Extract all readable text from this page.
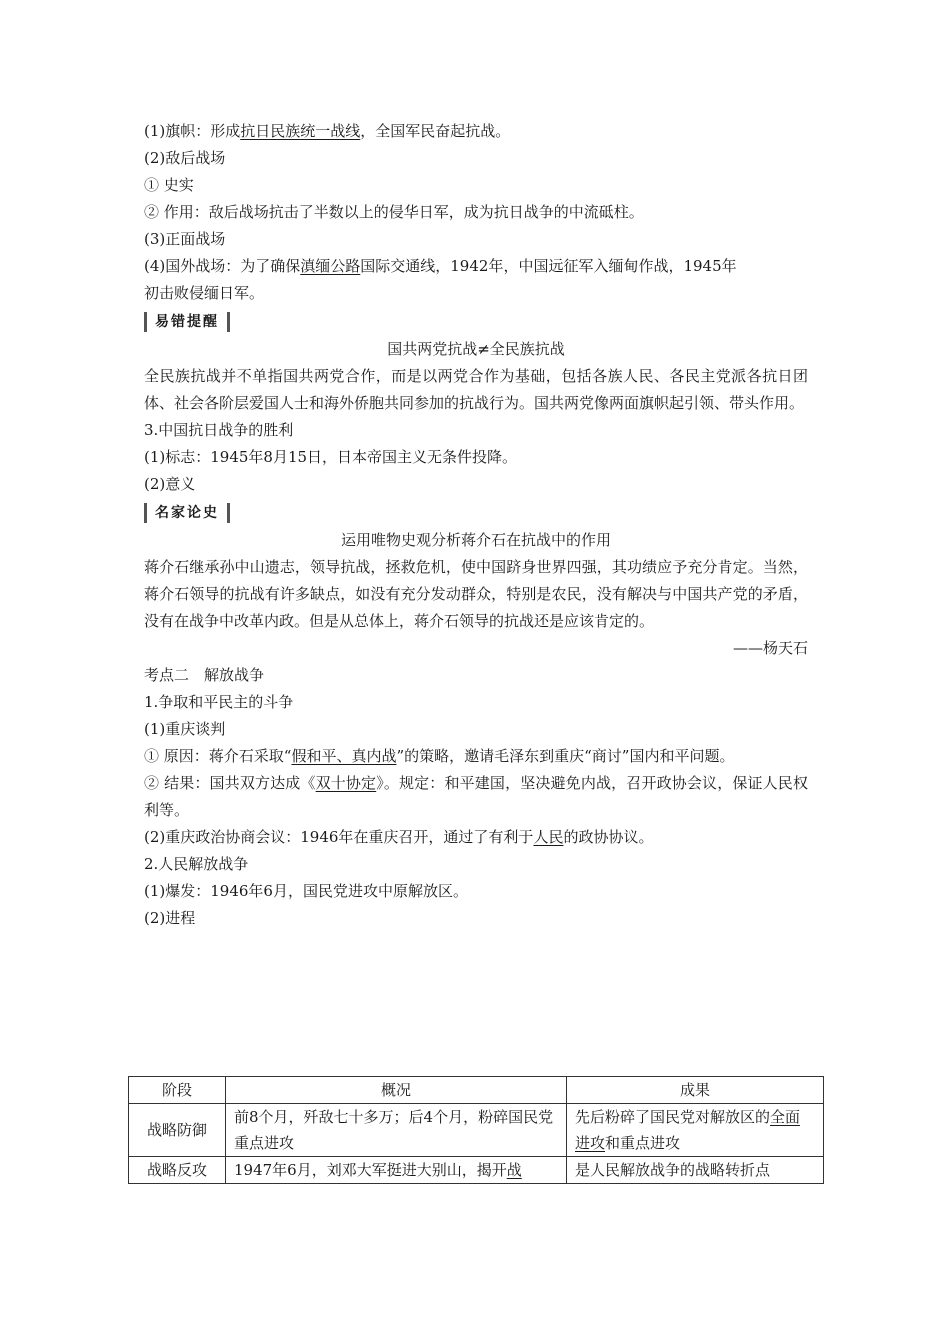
(1)旗帜：形成抗日民族统一战线，全国军民奋起抗战。
(2)敌后战场
① 史实
② 作用：敌后战场抗击了半数以上的侵华日军，成为抗日战争的中流砥柱。
(3)正面战场
(4)国外战场：为了确保滇缅公路国际交通线，1942年，中国远征军入缅甸作战，1945年
初击败侵缅日军。
易错提醒
国共两党抗战≠全民族抗战
全民族抗战并不单指国共两党合作，而是以两党合作为基础，包括各族人民、各民主党派各抗日团体、社会各阶层爱国人士和海外侨胞共同参加的抗战行为。国共两党像两面旗帜起引领、带头作用。
3.中国抗日战争的胜利
(1)标志：1945年8月15日，日本帝国主义无条件投降。
(2)意义
名家论史
运用唯物史观分析蒋介石在抗战中的作用
蒋介石继承孙中山遗志，领导抗战，拯救危机，使中国跻身世界四强，其功绩应予充分肯定。当然，蒋介石领导的抗战有许多缺点，如没有充分发动群众，特别是农民，没有解决与中国共产党的矛盾，没有在战争中改革内政。但是从总体上，蒋介石领导的抗战还是应该肯定的。
——杨天石
考点二　解放战争
1.争取和平民主的斗争
(1)重庆谈判
① 原因：蒋介石采取“假和平、真内战”的策略，邀请毛泽东到重庆“商讨”国内和平问题。
② 结果：国共双方达成《双十协定》。规定：和平建国，坚决避免内战，召开政协会议，保证人民权利等。
(2)重庆政治协商会议：1946年在重庆召开，通过了有利于人民的政协协议。
2.人民解放战争
(1)爆发：1946年6月，国民党进攻中原解放区。
(2)进程
阶段	概况	成果
战略防御	前8个月，歼敌七十多万；后4个月，粉碎国民党重点进攻	先后粉碎了国民党对解放区的全面进攻和重点进攻
战略反攻	1947年6月，刘邓大军挺进大别山，揭开战	是人民解放战争的战略转折点
